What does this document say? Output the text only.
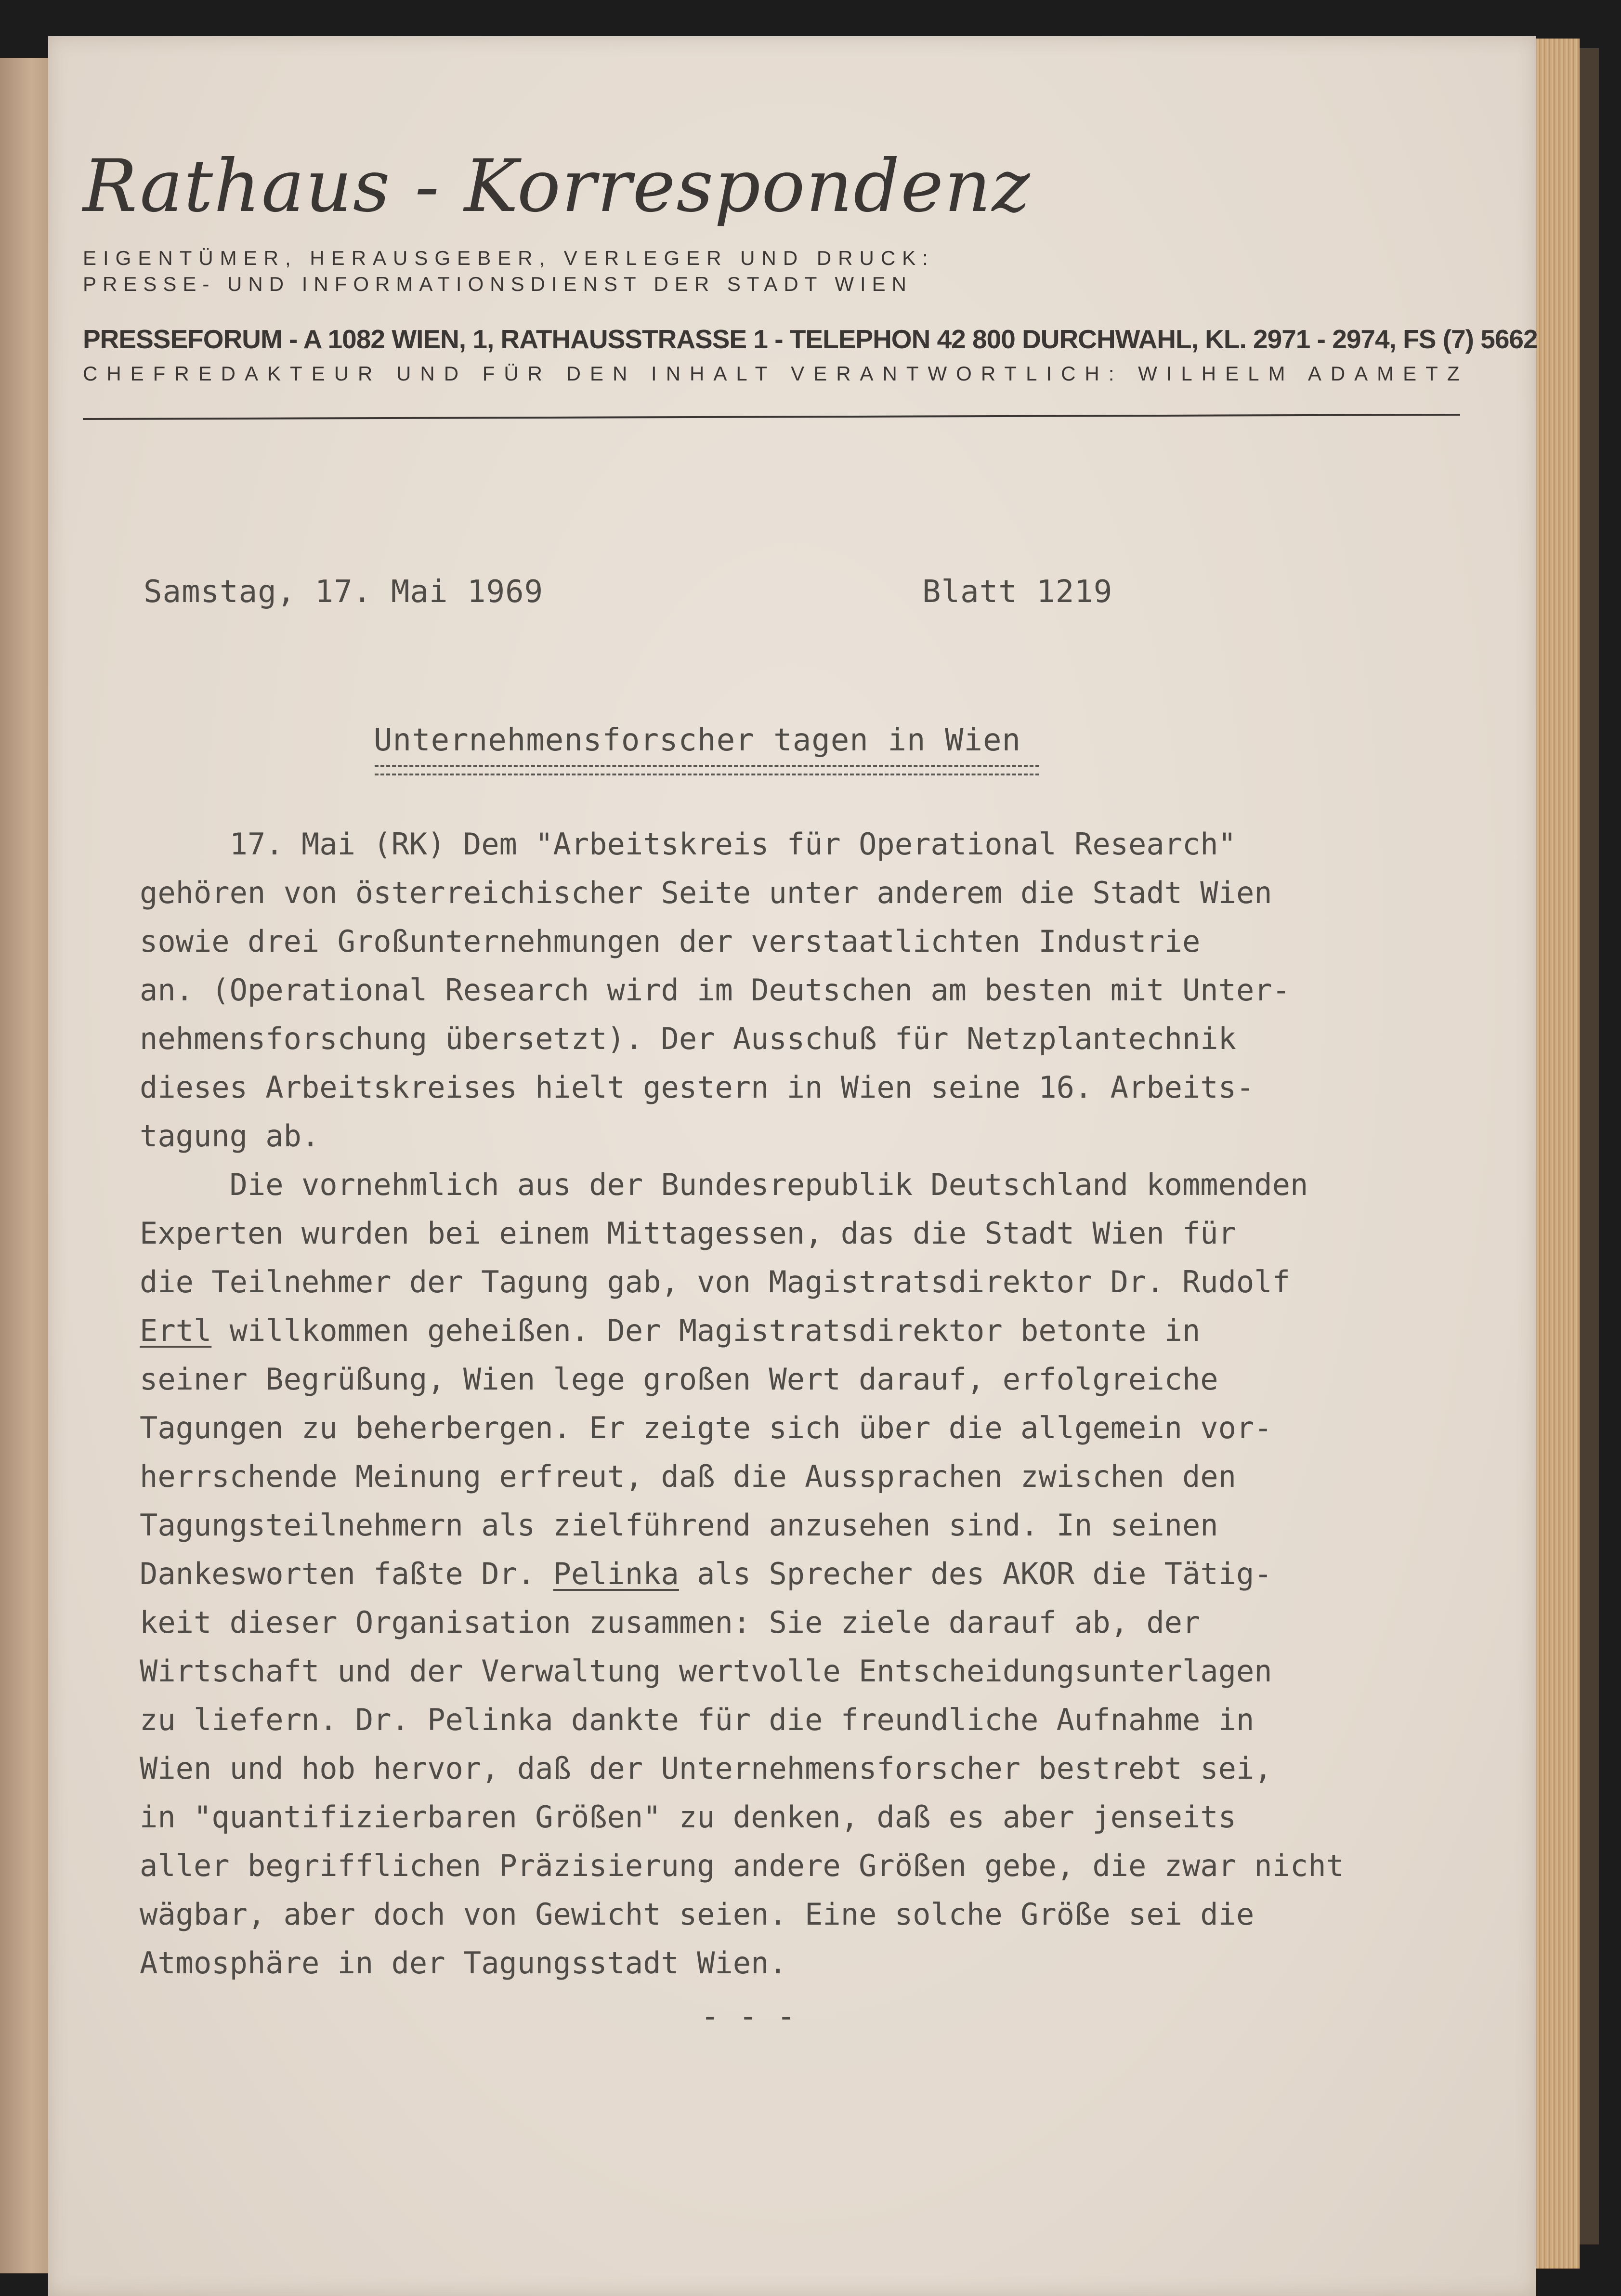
Rathaus - Korrespondenz
EIGENTÜMER, HERAUSGEBER, VERLEGER UND DRUCK:
PRESSE- UND INFORMATIONSDIENST DER STADT WIEN
PRESSEFORUM - A 1082 WIEN, 1, RATHAUSSTRASSE 1 - TELEPHON 42 800 DURCHWAHL, KL. 2971 - 2974, FS (7) 5662
CHEFREDAKTEUR UND FÜR DEN INHALT VERANTWORTLICH: WILHELM ADAMETZ
Samstag, 17. Mai 1969	Blatt 1219
Unternehmensforscher tagen in Wien
17. Mai (RK) Dem "Arbeitskreis für Operational Research"
gehören von österreichischer Seite unter anderem die Stadt Wien
sowie drei Großunternehmungen der verstaatlichten Industrie
an. (Operational Research wird im Deutschen am besten mit Unter-
nehmensforschung übersetzt). Der Ausschuß für Netzplantechnik
dieses Arbeitskreises hielt gestern in Wien seine 16. Arbeits-
tagung ab.
Die vornehmlich aus der Bundesrepublik Deutschland kommenden
Experten wurden bei einem Mittagessen, das die Stadt Wien für
die Teilnehmer der Tagung gab, von Magistratsdirektor Dr. Rudolf
Ertl willkommen geheißen. Der Magistratsdirektor betonte in
seiner Begrüßung, Wien lege großen Wert darauf, erfolgreiche
Tagungen zu beherbergen. Er zeigte sich über die allgemein vor-
herrschende Meinung erfreut, daß die Aussprachen zwischen den
Tagungsteilnehmern als zielführend anzusehen sind. In seinen
Dankesworten faßte Dr. Pelinka als Sprecher des AKOR die Tätig-
keit dieser Organisation zusammen: Sie ziele darauf ab, der
Wirtschaft und der Verwaltung wertvolle Entscheidungsunterlagen
zu liefern. Dr. Pelinka dankte für die freundliche Aufnahme in
Wien und hob hervor, daß der Unternehmensforscher bestrebt sei,
in "quantifizierbaren Größen" zu denken, daß es aber jenseits
aller begrifflichen Präzisierung andere Größen gebe, die zwar nicht
wägbar, aber doch von Gewicht seien. Eine solche Größe sei die
Atmosphäre in der Tagungsstadt Wien.
- - -
